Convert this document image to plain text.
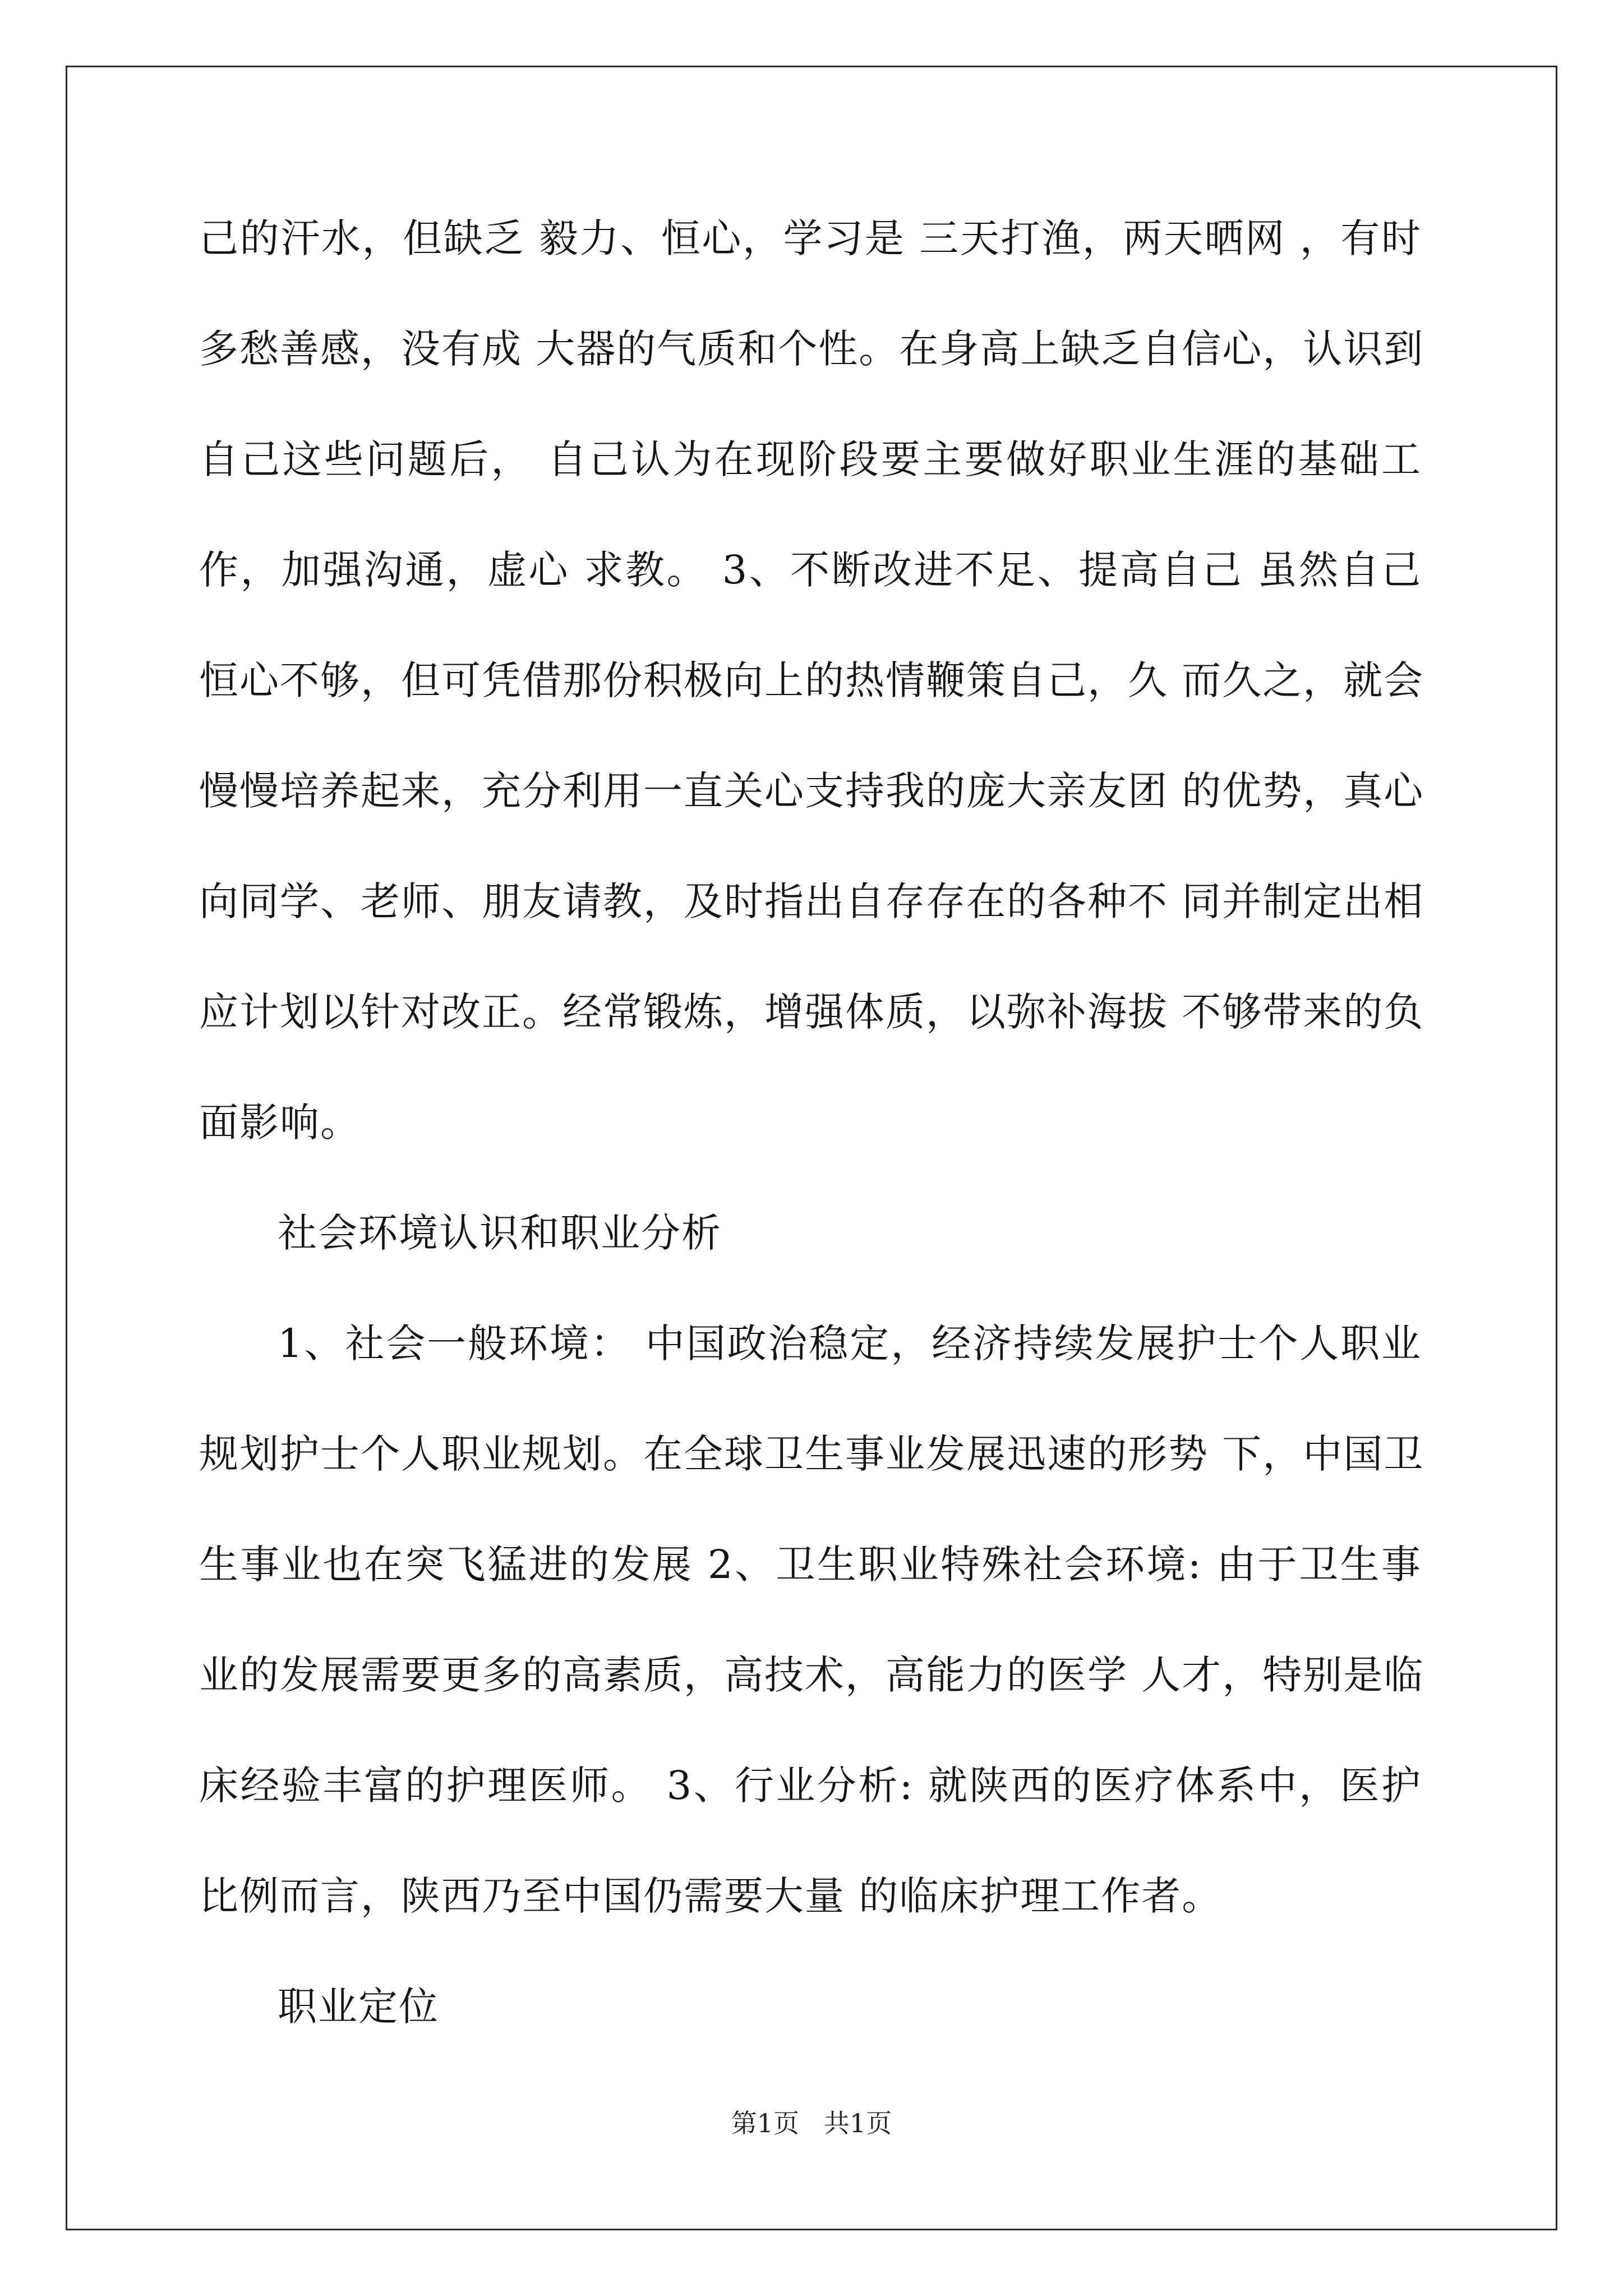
己的汗水，但缺乏 毅力、恒心，学习是 三天打渔，两天晒网 ，有时
多愁善感，没有成 大器的气质和个性。在身高上缺乏自信心，认识到
自己这些问题后， 自己认为在现阶段要主要做好职业生涯的基础工
作，加强沟通，虚心 求教。 3、不断改进不足、提高自己 虽然自己
恒心不够，但可凭借那份积极向上的热情鞭策自己，久 而久之，就会
慢慢培养起来，充分利用一直关心支持我的庞大亲友团 的优势，真心
向同学、老师、朋友请教，及时指出自存存在的各种不 同并制定出相
应计划以针对改正。经常锻炼，增强体质，以弥补海拔 不够带来的负
面影响。
社会环境认识和职业分析
1、社会一般环境： 中国政治稳定，经济持续发展护士个人职业
规划护士个人职业规划。在全球卫生事业发展迅速的形势 下，中国卫
生事业也在突飞猛进的发展 2、卫生职业特殊社会环境: 由于卫生事
业的发展需要更多的高素质，高技术，高能力的医学 人才，特别是临
床经验丰富的护理医师。 3、行业分析: 就陕西的医疗体系中，医护
比例而言，陕西乃至中国仍需要大量 的临床护理工作者。
职业定位
第1页   共1页
